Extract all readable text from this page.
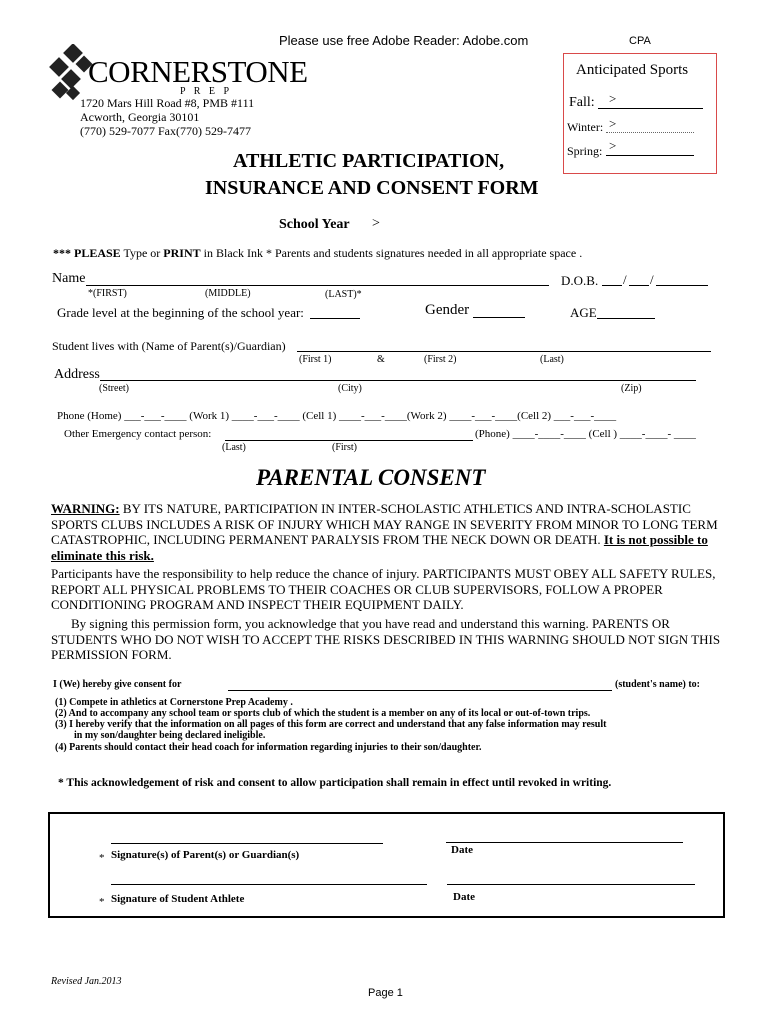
Please use free Adobe Reader: Adobe.com	CPA
CORNERSTONE
P R E P
1720 Mars Hill Road #8, PMB #111
Acworth, Georgia 30101
(770) 529-7077 Fax(770) 529-7477
Anticipated Sports
Fall: >
Winter: >
Spring: >
ATHLETIC PARTICIPATION,
INSURANCE AND CONSENT FORM
School Year >
*** PLEASE Type or PRINT in Black Ink * Parents and students signatures needed in all appropriate space .
Name	D.O.B. / /
*(FIRST)	(MIDDLE)	(LAST)*
Grade level at the beginning of the school year:	Gender	AGE
Student lives with (Name of Parent(s)/Guardian)
(First 1)	&	(First 2)	(Last)
Address
(Street)	(City)	(Zip)
Phone (Home) ___-___-____ (Work 1) ____-___-____ (Cell 1) ____-___-____(Work 2) ____-___-____(Cell 2) ___-___-____
Other Emergency contact person:	(Phone) ____-____-____ (Cell ) ____-____- ____
(Last)	(First)
PARENTAL CONSENT
WARNING: BY ITS NATURE, PARTICIPATION IN INTER-SCHOLASTIC ATHLETICS AND INTRA-SCHOLASTIC SPORTS CLUBS INCLUDES A RISK OF INJURY WHICH MAY RANGE IN SEVERITY FROM MINOR TO LONG TERM CATASTROPHIC, INCLUDING PERMANENT PARALYSIS FROM THE NECK DOWN OR DEATH. It is not possible to eliminate this risk.
Participants have the responsibility to help reduce the chance of injury. PARTICIPANTS MUST OBEY ALL SAFETY RULES, REPORT ALL PHYSICAL PROBLEMS TO THEIR COACHES OR CLUB SUPERVISORS, FOLLOW A PROPER CONDITIONING PROGRAM AND INSPECT THEIR EQUIPMENT DAILY.
By signing this permission form, you acknowledge that you have read and understand this warning. PARENTS OR STUDENTS WHO DO NOT WISH TO ACCEPT THE RISKS DESCRIBED IN THIS WARNING SHOULD NOT SIGN THIS PERMISSION FORM.
I (We) hereby give consent for	(student's name) to:
(1) Compete in athletics at Cornerstone Prep Academy .
(2) And to accompany any school team or sports club of which the student is a member on any of its local or out-of-town trips.
(3) I hereby verify that the information on all pages of this form are correct and understand that any false information may result
in my son/daughter being declared ineligible.
(4) Parents should contact their head coach for information regarding injuries to their son/daughter.
* This acknowledgement of risk and consent to allow participation shall remain in effect until revoked in writing.
* Signature(s) of Parent(s) or Guardian(s)	Date
* Signature of Student Athlete	Date
Revised Jan.2013
Page 1
